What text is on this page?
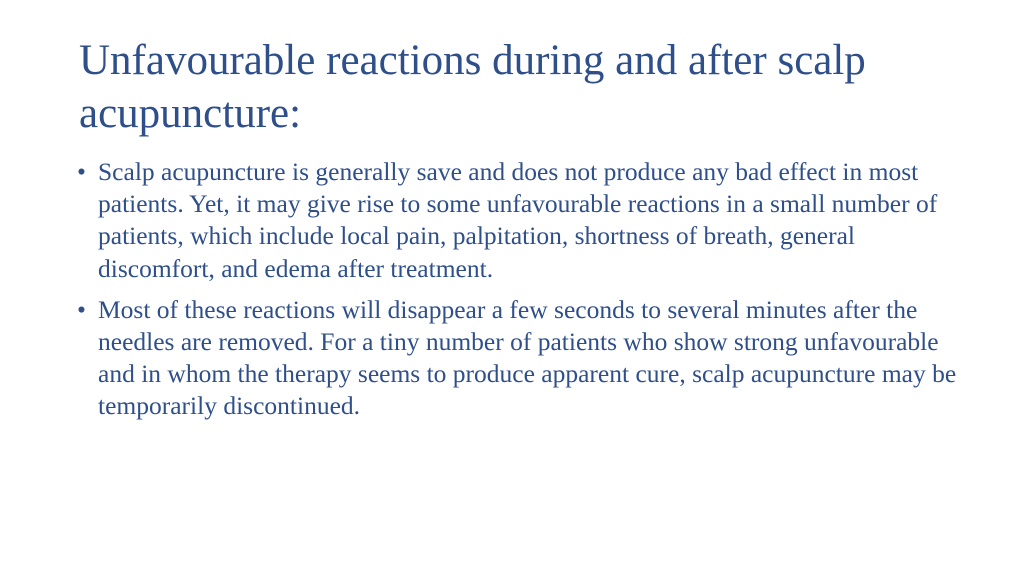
Unfavourable reactions during and after scalp acupuncture:
• Scalp acupuncture is generally save and does not produce any bad effect in most patients. Yet, it may give rise to some unfavourable reactions in a small number of patients, which include local pain, palpitation, shortness of breath, general discomfort, and edema after treatment.
• Most of these reactions will disappear a few seconds to several minutes after the needles are removed. For a tiny number of patients who show strong unfavourable and in whom the therapy seems to produce apparent cure, scalp acupuncture may be temporarily discontinued.
